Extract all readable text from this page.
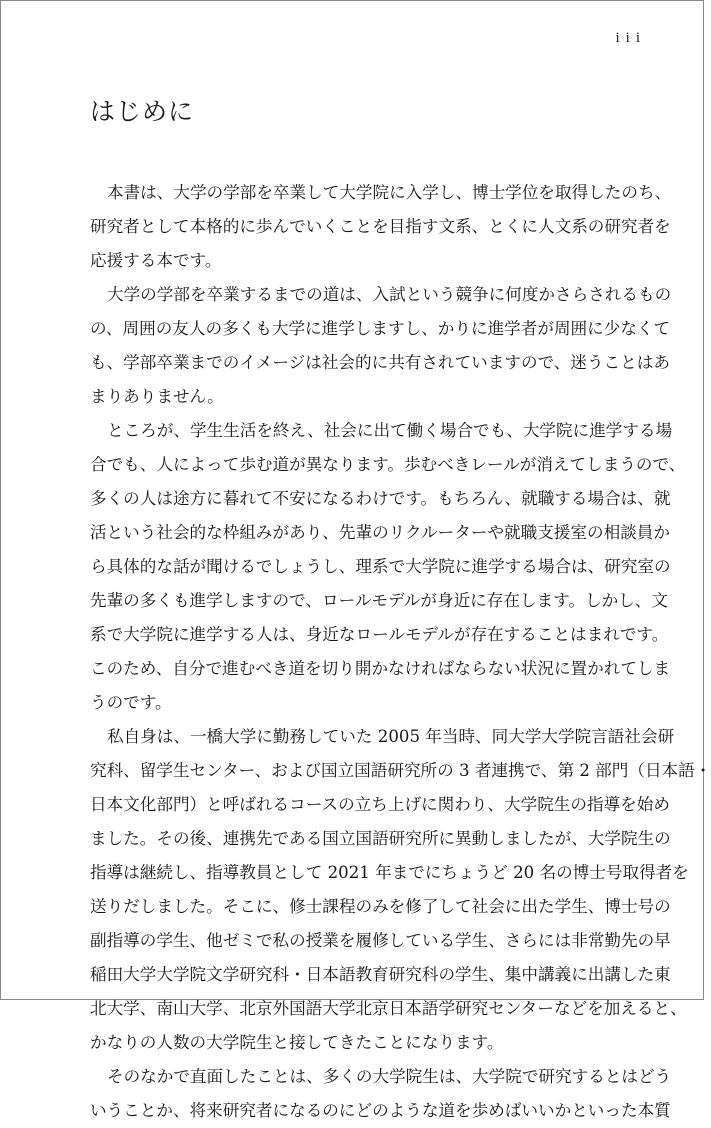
iii
はじめに
本書は、大学の学部を卒業して大学院に入学し、博士学位を取得したのち、
研究者として本格的に歩んでいくことを目指す文系、とくに人文系の研究者を
応援する本です。
大学の学部を卒業するまでの道は、入試という競争に何度かさらされるもの
の、周囲の友人の多くも大学に進学しますし、かりに進学者が周囲に少なくて
も、学部卒業までのイメージは社会的に共有されていますので、迷うことはあ
まりありません。
ところが、学生生活を終え、社会に出て働く場合でも、大学院に進学する場
合でも、人によって歩む道が異なります。歩むべきレールが消えてしまうので、
多くの人は途方に暮れて不安になるわけです。もちろん、就職する場合は、就
活という社会的な枠組みがあり、先輩のリクルーターや就職支援室の相談員か
ら具体的な話が聞けるでしょうし、理系で大学院に進学する場合は、研究室の
先輩の多くも進学しますので、ロールモデルが身近に存在します。しかし、文
系で大学院に進学する人は、身近なロールモデルが存在することはまれです。
このため、自分で進むべき道を切り開かなければならない状況に置かれてしま
うのです。
私自身は、一橋大学に勤務していた 2005 年当時、同大学大学院言語社会研
究科、留学生センター、および国立国語研究所の 3 者連携で、第 2 部門（日本語・
日本文化部門）と呼ばれるコースの立ち上げに関わり、大学院生の指導を始め
ました。その後、連携先である国立国語研究所に異動しましたが、大学院生の
指導は継続し、指導教員として 2021 年までにちょうど 20 名の博士号取得者を
送りだしました。そこに、修士課程のみを修了して社会に出た学生、博士号の
副指導の学生、他ゼミで私の授業を履修している学生、さらには非常勤先の早
稲田大学大学院文学研究科・日本語教育研究科の学生、集中講義に出講した東
北大学、南山大学、北京外国語大学北京日本語学研究センターなどを加えると、
かなりの人数の大学院生と接してきたことになります。
そのなかで直面したことは、多くの大学院生は、大学院で研究するとはどう
いうことか、将来研究者になるのにどのような道を歩めばいいかといった本質
